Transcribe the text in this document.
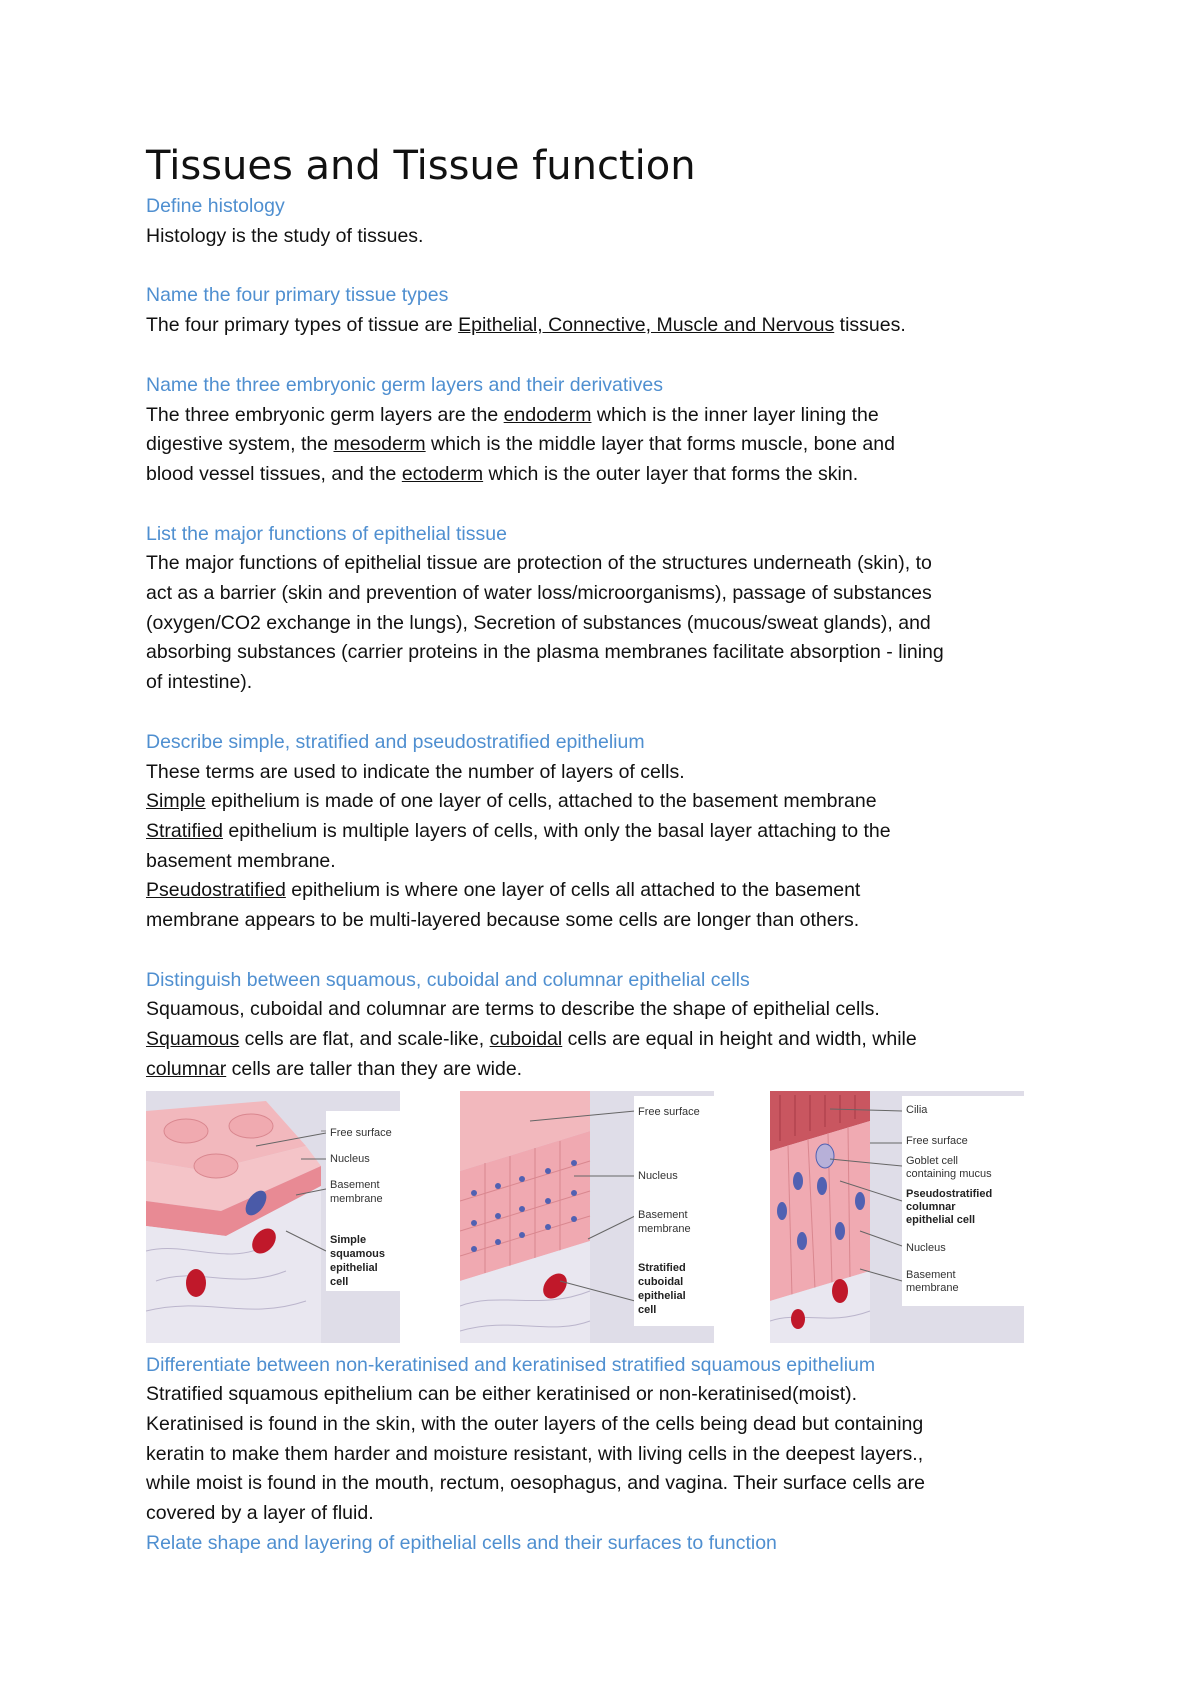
Tissues and Tissue function

Define histology

Histology is the study of tissues.

Name the four primary tissue types

The four primary types of tissue are Epithelial, Connective, Muscle and Nervous tissues.

Name the three embryonic germ layers and their derivatives

The three embryonic germ layers are the endoderm which is the inner layer lining the

digestive system, the mesoderm which is the middle layer that forms muscle, bone and

blood vessel tissues, and the ectoderm which is the outer layer that forms the skin.

List the major functions of epithelial tissue

The major functions of epithelial tissue are protection of the structures underneath (skin), to

act as a barrier (skin and prevention of water loss/microorganisms), passage of substances

(oxygen/CO2 exchange in the lungs), Secretion of substances (mucous/sweat glands), and

absorbing substances (carrier proteins in the plasma membranes facilitate absorption - lining

of intestine).

Describe simple, stratified and pseudostratified epithelium

These terms are used to indicate the number of layers of cells.

Simple epithelium is made of one layer of cells, attached to the basement membrane

Stratified epithelium is multiple layers of cells, with only the basal layer attaching to the

basement membrane.

Pseudostratified epithelium is where one layer of cells all attached to the basement

membrane appears to be multi-layered because some cells are longer than others.

Distinguish between squamous, cuboidal and columnar epithelial cells

Squamous, cuboidal and columnar are terms to describe the shape of epithelial cells.

Squamous cells are flat, and scale-like, cuboidal cells are equal in height and width, while

columnar cells are taller than they are wide.

Free surface
Nucleus
Basement
membrane
Simple
squamous
epithelial
cell
Free surface
Nucleus
Basement
membrane
Stratified
cuboidal
epithelial
cell
Cilia
Free surface
Goblet cell
containing mucus
Pseudostratified
columnar
epithelial cell
Nucleus
Basement
membrane

Differentiate between non-keratinised and keratinised stratified squamous epithelium

Stratified squamous epithelium can be either keratinised or non-keratinised(moist).

Keratinised is found in the skin, with the outer layers of the cells being dead but containing

keratin to make them harder and moisture resistant, with living cells in the deepest layers.,

while moist is found in the mouth, rectum, oesophagus, and vagina. Their surface cells are

covered by a layer of fluid.

Relate shape and layering of epithelial cells and their surfaces to function
